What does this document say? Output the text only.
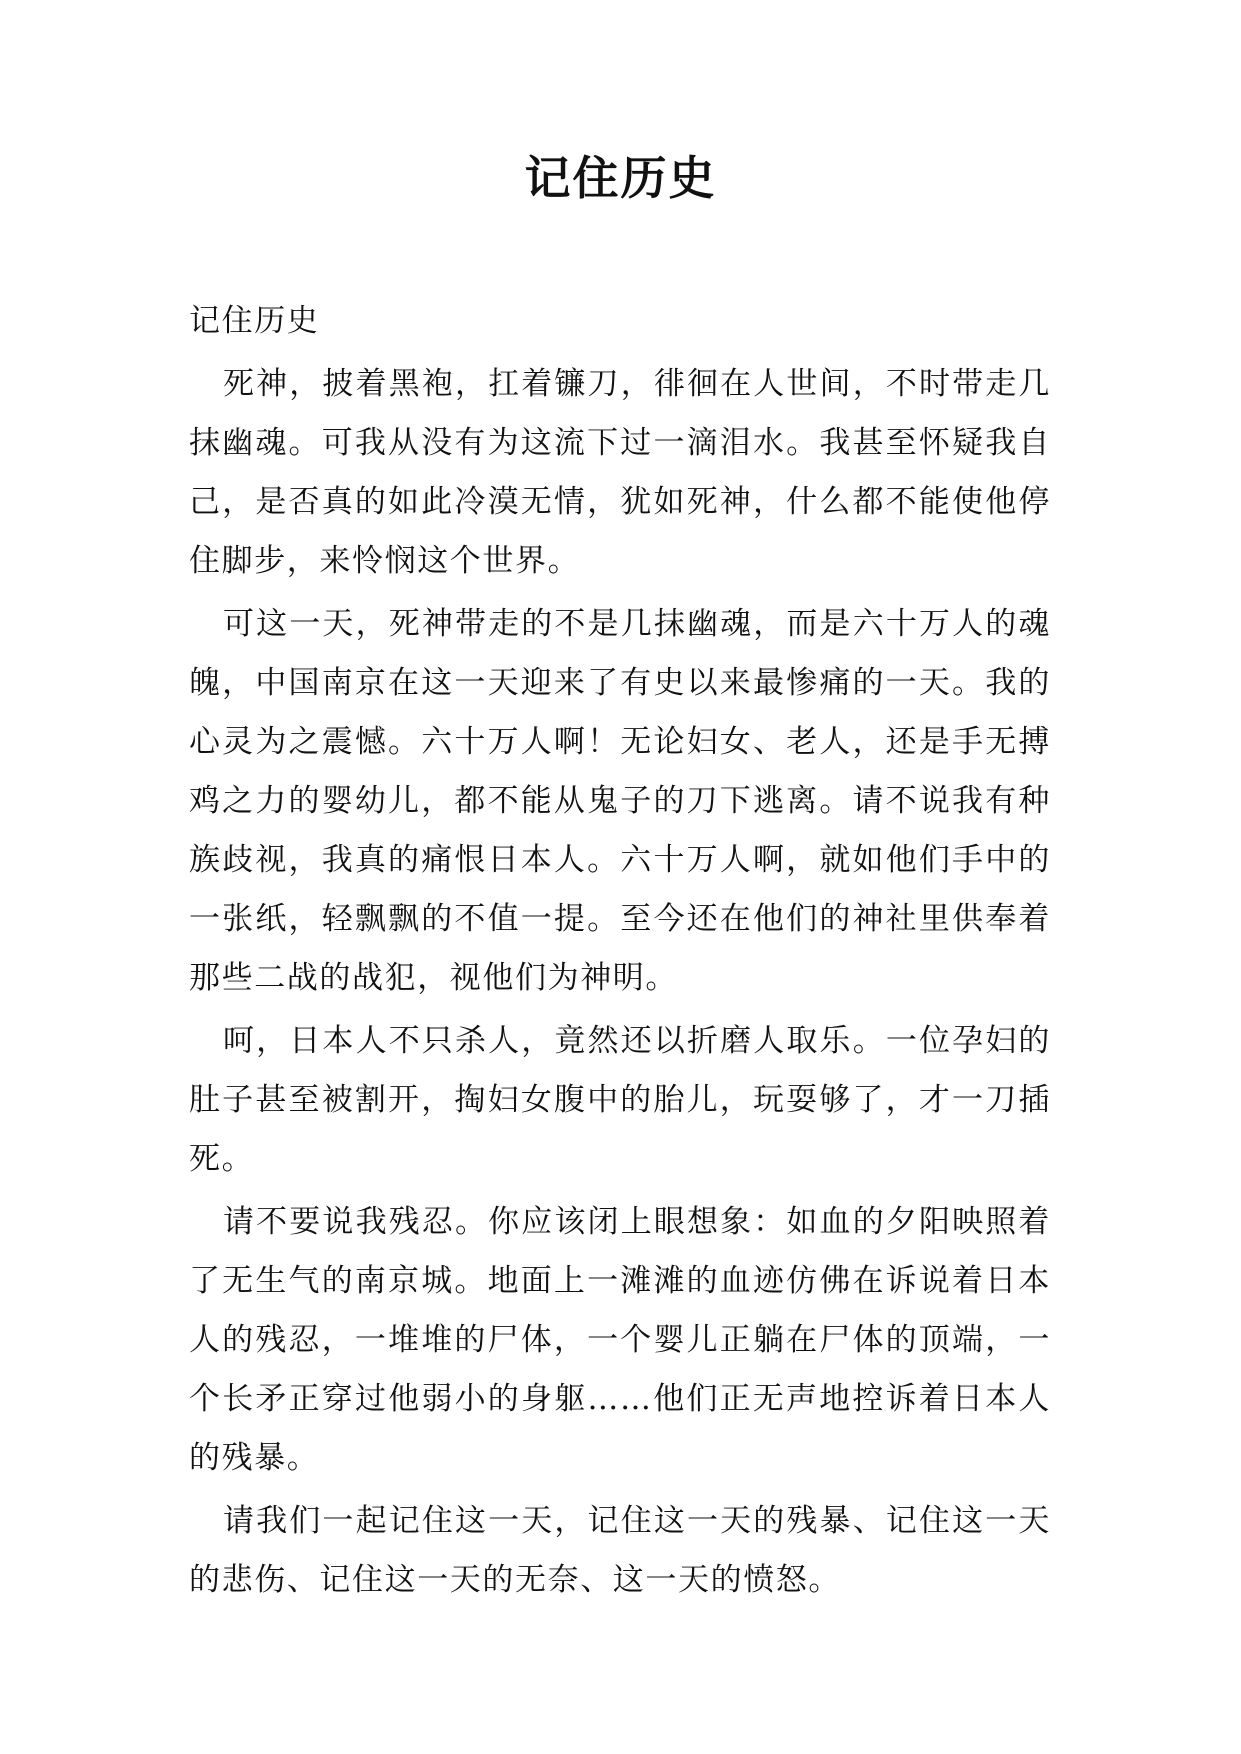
记住历史

记住历史

死神，披着黑袍，扛着镰刀，徘徊在人世间，不时带走几抹幽魂。可我从没有为这流下过一滴泪水。我甚至怀疑我自己，是否真的如此冷漠无情，犹如死神，什么都不能使他停住脚步，来怜悯这个世界。

可这一天，死神带走的不是几抹幽魂，而是六十万人的魂魄，中国南京在这一天迎来了有史以来最惨痛的一天。我的心灵为之震憾。六十万人啊！无论妇女、老人，还是手无搏鸡之力的婴幼儿，都不能从鬼子的刀下逃离。请不说我有种族歧视，我真的痛恨日本人。六十万人啊，就如他们手中的一张纸，轻飘飘的不值一提。至今还在他们的神社里供奉着那些二战的战犯，视他们为神明。

呵，日本人不只杀人，竟然还以折磨人取乐。一位孕妇的肚子甚至被割开，掏妇女腹中的胎儿，玩耍够了，才一刀插死。

请不要说我残忍。你应该闭上眼想象：如血的夕阳映照着了无生气的南京城。地面上一滩滩的血迹仿佛在诉说着日本人的残忍，一堆堆的尸体，一个婴儿正躺在尸体的顶端，一个长矛正穿过他弱小的身躯……他们正无声地控诉着日本人的残暴。

请我们一起记住这一天，记住这一天的残暴、记住这一天的悲伤、记住这一天的无奈、这一天的愤怒。
